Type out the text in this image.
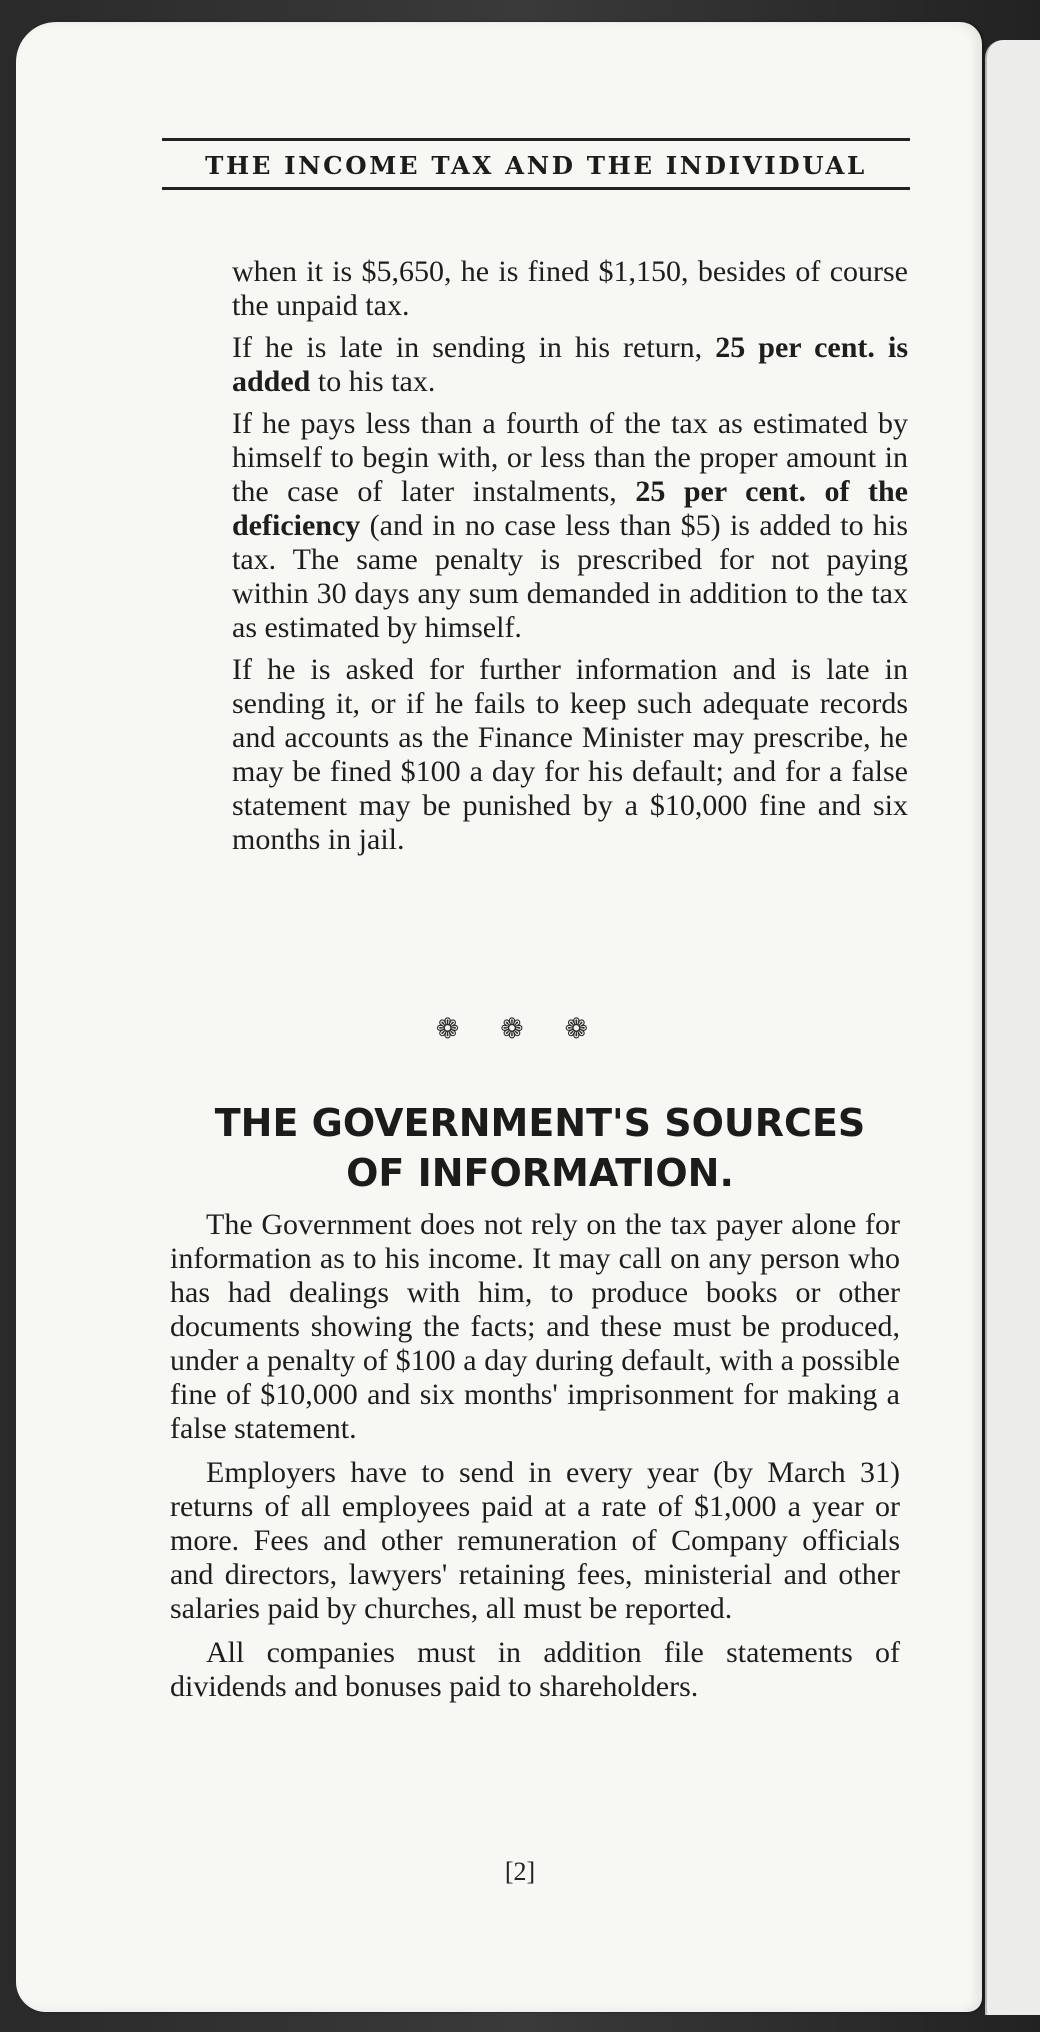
THE INCOME TAX AND THE INDIVIDUAL

when it is $5,650, he is fined $1,150, besides of course the unpaid tax.

If he is late in sending in his return, 25 per cent. is added to his tax.

If he pays less than a fourth of the tax as estimated by himself to begin with, or less than the proper amount in the case of later instalments, 25 per cent. of the deficiency (and in no case less than $5) is added to his tax. The same penalty is prescribed for not paying within 30 days any sum demanded in addition to the tax as estimated by himself.

If he is asked for further information and is late in sending it, or if he fails to keep such adequate records and accounts as the Finance Minister may prescribe, he may be fined $100 a day for his default; and for a false statement may be punished by a $10,000 fine and six months in jail.

❁ ❁ ❁
THE GOVERNMENT'S SOURCES
OF INFORMATION.

The Government does not rely on the tax payer alone for information as to his income. It may call on any person who has had dealings with him, to produce books or other documents showing the facts; and these must be produced, under a penalty of $100 a day during default, with a possible fine of $10,000 and six months' imprisonment for making a false statement.

Employers have to send in every year (by March 31) returns of all employees paid at a rate of $1,000 a year or more. Fees and other remuneration of Company officials and directors, lawyers' retaining fees, ministerial and other salaries paid by churches, all must be reported.

All companies must in addition file statements of dividends and bonuses paid to shareholders.

[2]
